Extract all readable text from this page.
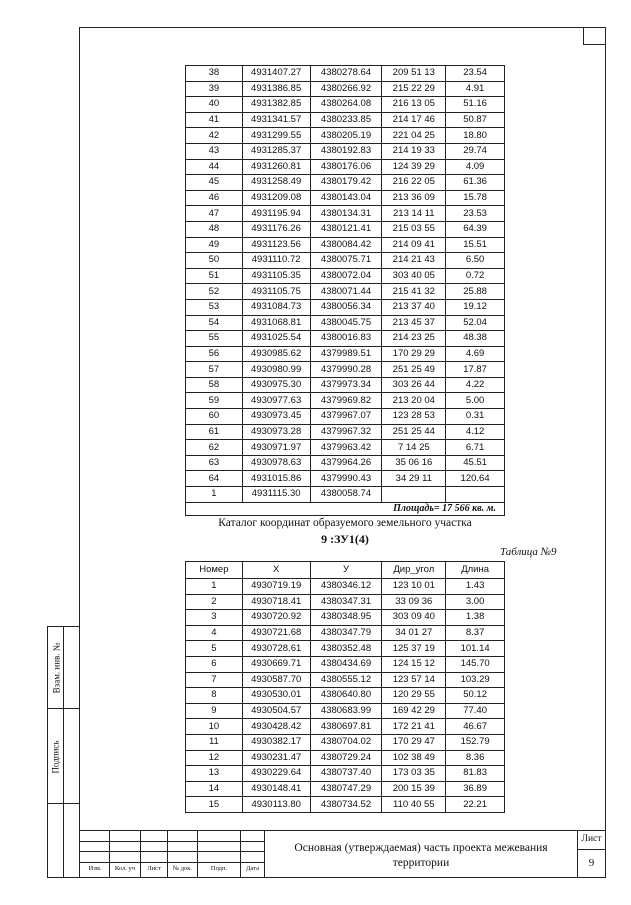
Взам. инв. №
Подпись
38	4931407.27	4380278.64	209 51 13	23.54
39	4931386.85	4380266.92	215 22 29	4.91
40	4931382.85	4380264.08	216 13 05	51.16
41	4931341.57	4380233.85	214 17 46	50.87
42	4931299.55	4380205.19	221 04 25	18.80
43	4931285.37	4380192.83	214 19 33	29.74
44	4931260.81	4380176.06	124 39 29	4.09
45	4931258.49	4380179.42	216 22 05	61.36
46	4931209.08	4380143.04	213 36 09	15.78
47	4931195.94	4380134.31	213 14 11	23.53
48	4931176.26	4380121.41	215 03 55	64.39
49	4931123.56	4380084.42	214 09 41	15.51
50	4931110.72	4380075.71	214 21 43	6.50
51	4931105.35	4380072.04	303 40 05	0.72
52	4931105.75	4380071.44	215 41 32	25.88
53	4931084.73	4380056.34	213 37 40	19.12
54	4931068.81	4380045.75	213 45 37	52.04
55	4931025.54	4380016.83	214 23 25	48.38
56	4930985.62	4379989.51	170 29 29	4.69
57	4930980.99	4379990.28	251 25 49	17.87
58	4930975.30	4379973.34	303 26 44	4.22
59	4930977.63	4379969.82	213 20 04	5.00
60	4930973.45	4379967.07	123 28 53	0.31
61	4930973.28	4379967.32	251 25 44	4.12
62	4930971.97	4379963.42	7 14 25	6.71
63	4930978.63	4379964.26	35 06 16	45.51
64	4931015.86	4379990.43	34 29 11	120.64
1	4931115.30	4380058.74		
Площадь= 17 566 кв. м.
Каталог координат образуемого земельного участка
9 :ЗУ1(4)
Таблица №9
Номер	X	У	Дир_угол	Длина
1	4930719.19	4380346.12	123 10 01	1.43
2	4930718.41	4380347.31	33 09 36	3.00
3	4930720.92	4380348.95	303 09 40	1.38
4	4930721.68	4380347.79	34 01 27	8.37
5	4930728.61	4380352.48	125 37 19	101.14
6	4930669.71	4380434.69	124 15 12	145.70
7	4930587.70	4380555.12	123 57 14	103.29
8	4930530.01	4380640.80	120 29 55	50.12
9	4930504.57	4380683.99	169 42 29	77.40
10	4930428.42	4380697.81	172 21 41	46.67
11	4930382.17	4380704.02	170 29 47	152.79
12	4930231.47	4380729.24	102 38 49	8.36
13	4930229.64	4380737.40	173 03 35	81.83
14	4930148.41	4380747.29	200 15 39	36.89
15	4930113.80	4380734.52	110 40 55	22.21
Изм.	Кол. уч	Лист	№ док.	Подп.	Дата
Основная (утверждаемая) часть проекта межевания территории
Лист
9
